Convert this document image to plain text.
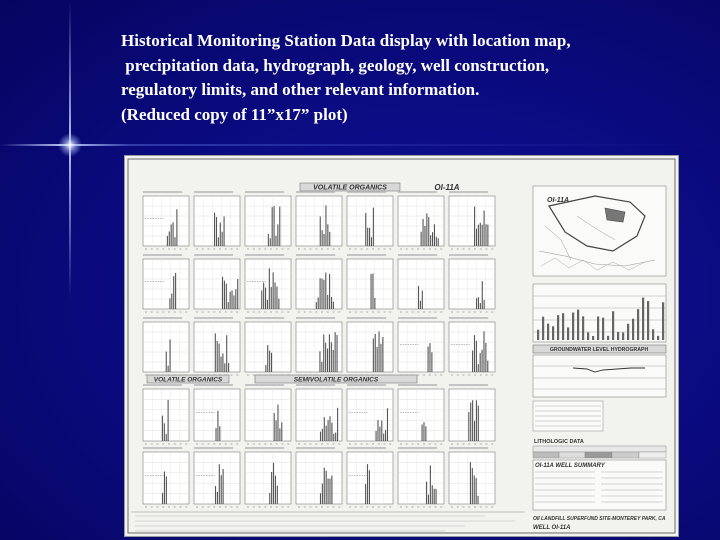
Historical Monitoring Station Data display with location map,
precipitation data, hydrograph, geology, well construction,
regulatory limits, and other relevant information.
(Reduced copy of 11”x17” plot)
VOLATILE ORGANICS	OI-11A
VOLATILE ORGANICS	SEMIVOLATILE ORGANICS
OI-11A
GROUNDWATER LEVEL HYDROGRAPH
LITHOLOGIC DATA
OI-11A WELL SUMMARY
OII LANDFILL SUPERFUND SITE-MONTEREY PARK, CA
WELL OI-11A
